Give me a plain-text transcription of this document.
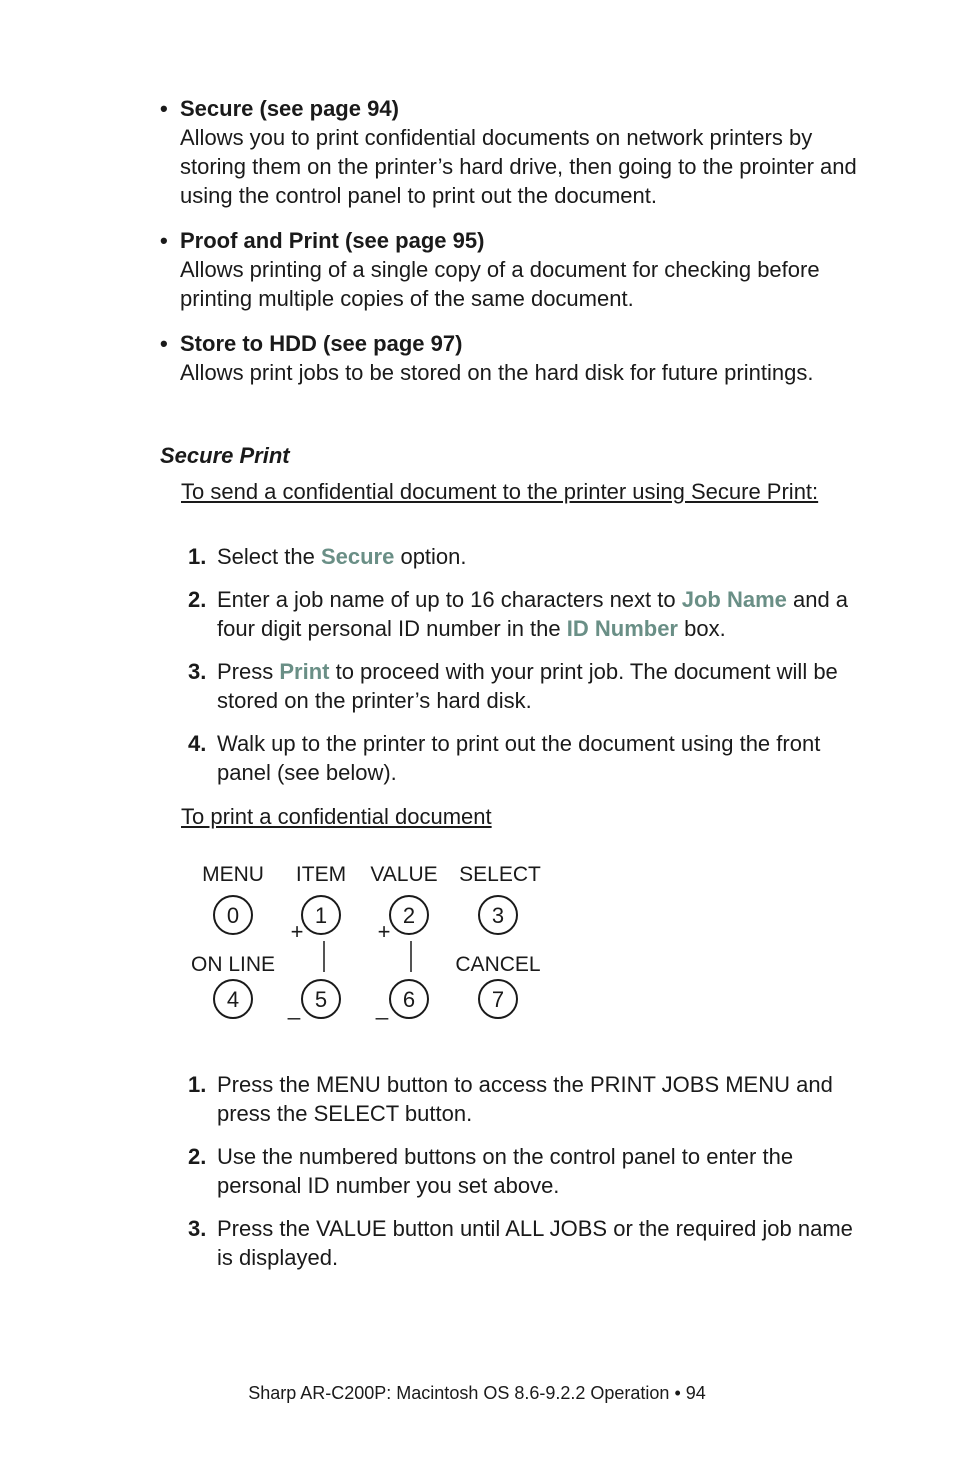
• Secure (see page 94)
Allows you to print confidential documents on network printers by storing them on the printer’s hard drive, then going to the prointer and using the control panel to print out the document.
• Proof and Print (see page 95)
Allows printing of a single copy of a document for checking before printing multiple copies of the same document.
• Store to HDD (see page 97)
Allows print jobs to be stored on the hard disk for future printings.
Secure Print
To send a confidential document to the printer using Secure Print:
1. Select the Secure option.
2. Enter a job name of up to 16 characters next to Job Name and a four digit personal ID number in the ID Number box.
3. Press Print to proceed with your print job. The document will be stored on the printer’s hard disk.
4. Walk up to the printer to print out the document using the front panel (see below).
To print a confidential document
MENU ITEM VALUE SELECT
0	1	2	3
+	+
ON LINE	CANCEL
4	5	6	7
_	_
1. Press the MENU button to access the PRINT JOBS MENU and press the SELECT button.
2. Use the numbered buttons on the control panel to enter the personal ID number you set above.
3. Press the VALUE button until ALL JOBS or the required job name is displayed.
Sharp AR-C200P: Macintosh OS 8.6-9.2.2 Operation • 94
